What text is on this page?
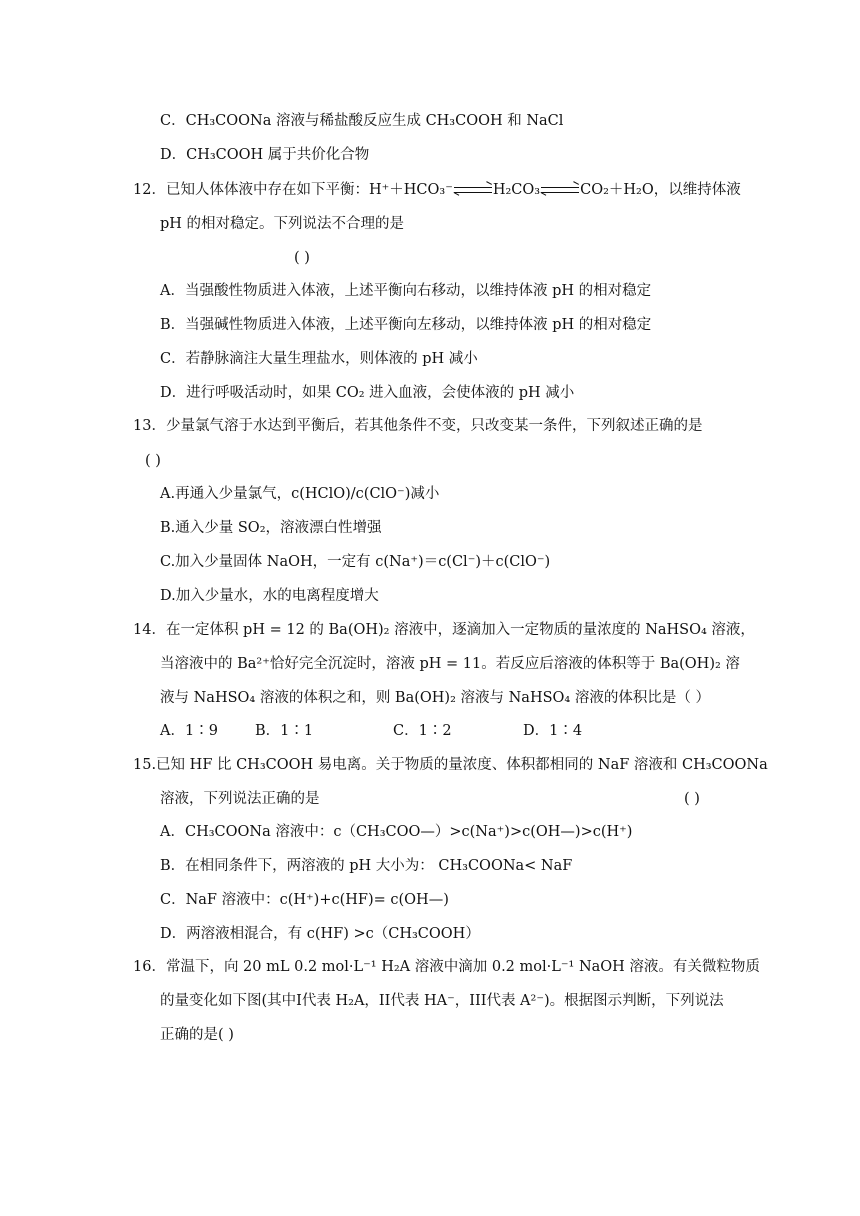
C．CH₃COONa 溶液与稀盐酸反应生成 CH₃COOH 和 NaCl
D．CH₃COOH 属于共价化合物
12．已知人体体液中存在如下平衡：H⁺＋HCO₃⁻	H₂CO₃	CO₂＋H₂O，以维持体液
pH 的相对稳定。下列说法不合理的是
( )
A．当强酸性物质进入体液，上述平衡向右移动，以维持体液 pH 的相对稳定
B．当强碱性物质进入体液，上述平衡向左移动，以维持体液 pH 的相对稳定
C．若静脉滴注大量生理盐水，则体液的 pH 减小
D．进行呼吸活动时，如果 CO₂ 进入血液，会使体液的 pH 减小
13．少量氯气溶于水达到平衡后，若其他条件不变，只改变某一条件，下列叙述正确的是
( )
A.再通入少量氯气，c(HClO)/c(ClO⁻)减小
B.通入少量 SO₂，溶液漂白性增强
C.加入少量固体 NaOH，一定有 c(Na⁺)＝c(Cl⁻)＋c(ClO⁻)
D.加入少量水，水的电离程度增大
14．在一定体积 pH = 12 的 Ba(OH)₂ 溶液中，逐滴加入一定物质的量浓度的 NaHSO₄ 溶液，
当溶液中的 Ba²⁺恰好完全沉淀时，溶液 pH = 11。若反应后溶液的体积等于 Ba(OH)₂ 溶
液与 NaHSO₄ 溶液的体积之和，则 Ba(OH)₂ 溶液与 NaHSO₄ 溶液的体积比是（ ）
A．1∶9	B．1∶1	C．1∶2	D．1∶4
15.已知 HF 比 CH₃COOH 易电离。关于物质的量浓度、体积都相同的 NaF 溶液和 CH₃COONa
溶液，下列说法正确的是	( )
A．CH₃COONa 溶液中：c（CH₃COO—）>c(Na⁺)>c(OH—)>c(H⁺)
B．在相同条件下，两溶液的 pH 大小为： CH₃COONa< NaF
C．NaF 溶液中：c(H⁺)+c(HF)= c(OH—)
D．两溶液相混合，有 c(HF) >c（CH₃COOH）
16．常温下，向 20 mL 0.2 mol·L⁻¹ H₂A 溶液中滴加 0.2 mol·L⁻¹ NaOH 溶液。有关微粒物质
的量变化如下图(其中I代表 H₂A，II代表 HA⁻，III代表 A²⁻)。根据图示判断，下列说法
正确的是( )
